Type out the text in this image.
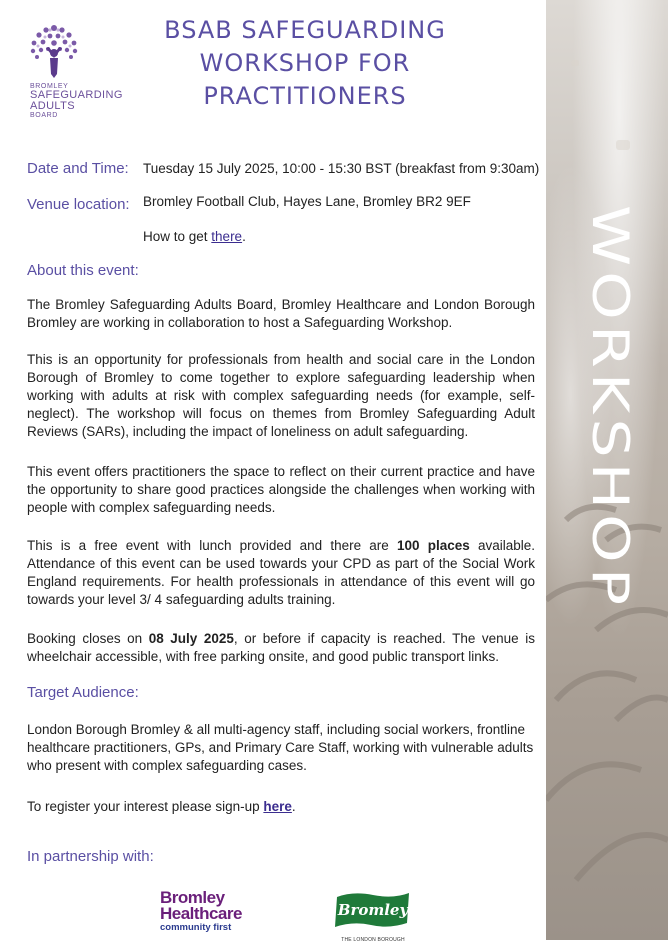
BROMLEY
SAFEGUARDING
ADULTS
BOARD
BSAB SAFEGUARDING
WORKSHOP FOR
PRACTITIONERS
Date and Time: Tuesday 15 July 2025, 10:00 - 15:30 BST (breakfast from 9:30am)
Venue location: Bromley Football Club, Hayes Lane, Bromley BR2 9EF
How to get there.
About this event:
The Bromley Safeguarding Adults Board, Bromley Healthcare and London Borough Bromley are working in collaboration to host a Safeguarding Workshop.
This is an opportunity for professionals from health and social care in the London Borough of Bromley to come together to explore safeguarding leadership when working with adults at risk with complex safeguarding needs (for example, self-neglect). The workshop will focus on themes from Bromley Safeguarding Adult Reviews (SARs), including the impact of loneliness on adult safeguarding.
This event offers practitioners the space to reflect on their current practice and have the opportunity to share good practices alongside the challenges when working with people with complex safeguarding needs.
This is a free event with lunch provided and there are 100 places available. Attendance of this event can be used towards your CPD as part of the Social Work England requirements. For health professionals in attendance of this event will go towards your level 3/ 4 safeguarding adults training.
Booking closes on 08 July 2025, or before if capacity is reached. The venue is wheelchair accessible, with free parking onsite, and good public transport links.
Target Audience:
London Borough Bromley & all multi-agency staff, including social workers, frontline healthcare practitioners, GPs, and Primary Care Staff, working with vulnerable adults who present with complex safeguarding cases.
To register your interest please sign-up here.
In partnership with:
Bromley
Healthcare
community first
Bromley
THE LONDON BOROUGH
WORKSHOP
